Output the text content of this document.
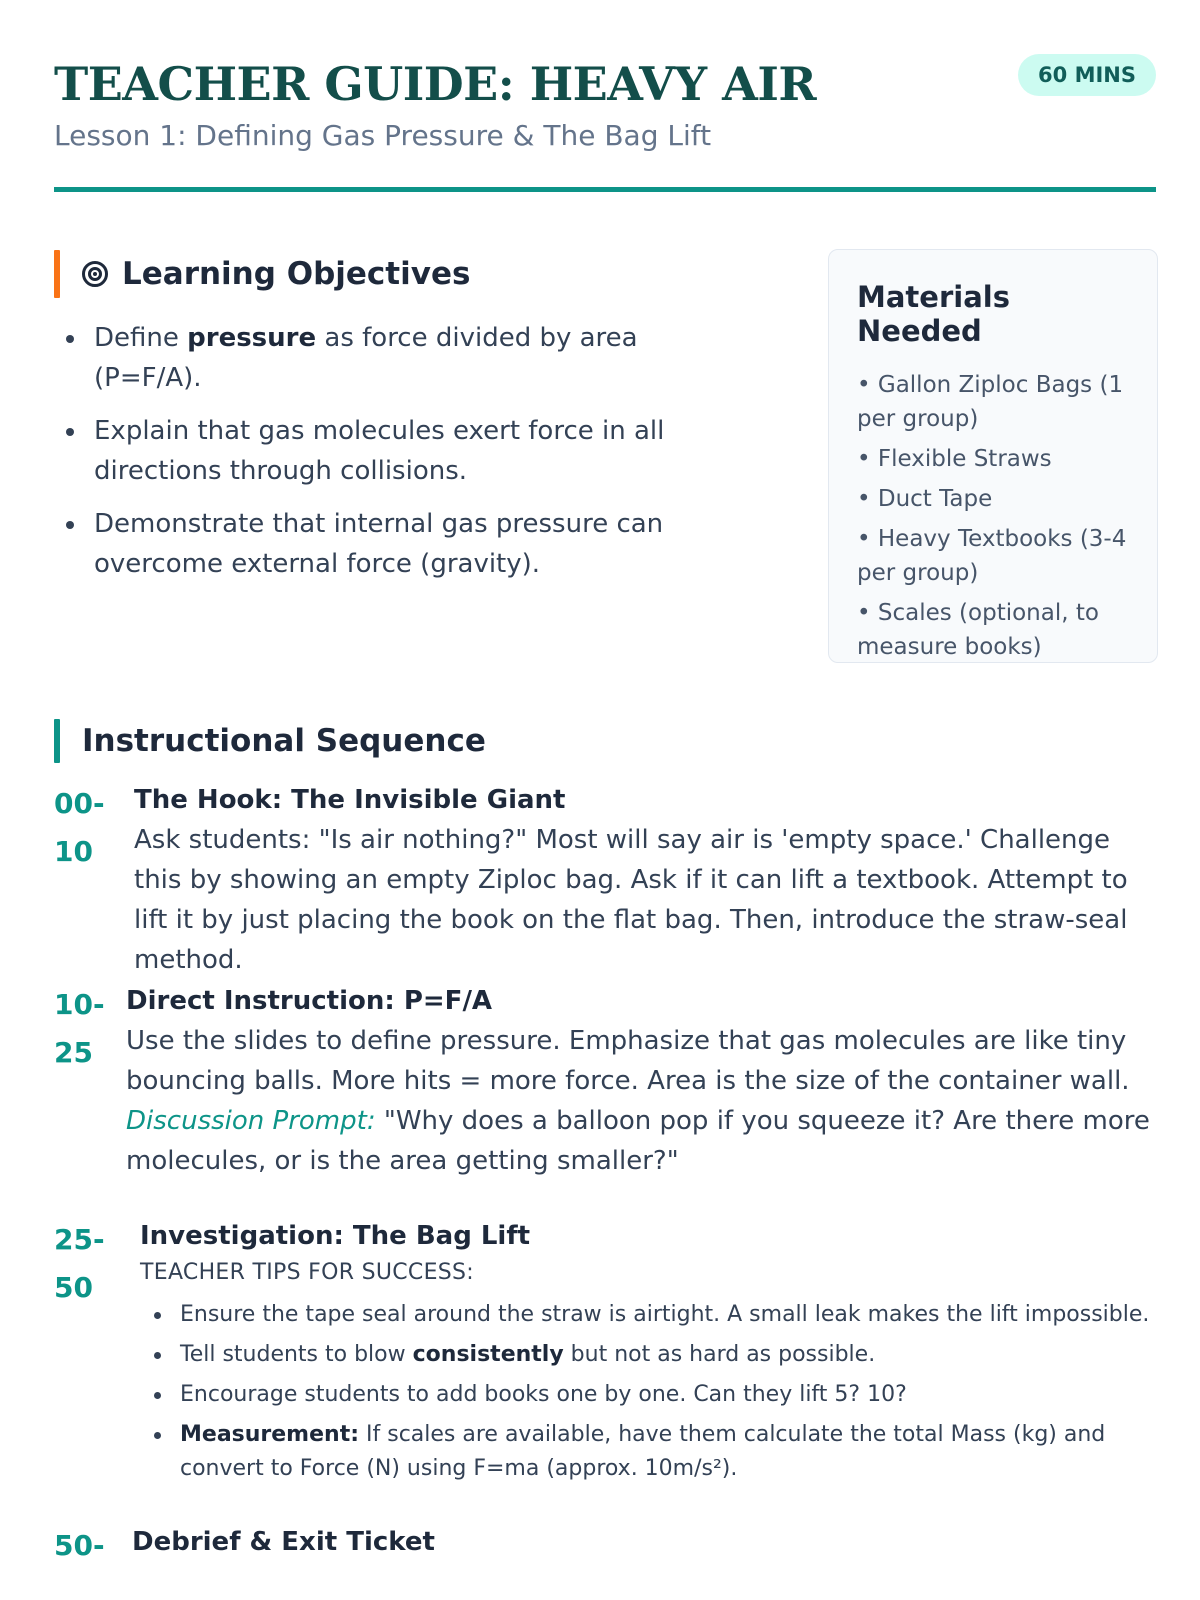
TEACHER GUIDE: HEAVY AIR
Lesson 1: Defining Gas Pressure & The Bag Lift
60 MINS
Learning Objectives
Define pressure as force divided by area (P=F/A).
Explain that gas molecules exert force in all directions through collisions.
Demonstrate that internal gas pressure can overcome external force (gravity).
Materials Needed
• Gallon Ziploc Bags (1 per group)
• Flexible Straws
• Duct Tape
• Heavy Textbooks (3-4 per group)
• Scales (optional, to measure books)
Instructional Sequence
00-
10
The Hook: The Invisible Giant
Ask students: "Is air nothing?" Most will say air is 'empty space.' Challenge this by showing an empty Ziploc bag. Ask if it can lift a textbook. Attempt to lift it by just placing the book on the flat bag. Then, introduce the straw-seal method.
10-
25
Direct Instruction: P=F/A
Use the slides to define pressure. Emphasize that gas molecules are like tiny bouncing balls. More hits = more force. Area is the size of the container wall. Discussion Prompt: "Why does a balloon pop if you squeeze it? Are there more molecules, or is the area getting smaller?"
25-
50
Investigation: The Bag Lift
TEACHER TIPS FOR SUCCESS:
Ensure the tape seal around the straw is airtight. A small leak makes the lift impossible.
Tell students to blow consistently but not as hard as possible.
Encourage students to add books one by one. Can they lift 5? 10?
Measurement: If scales are available, have them calculate the total Mass (kg) and convert to Force (N) using F=ma (approx. 10m/s²).
50-	Debrief & Exit Ticket
